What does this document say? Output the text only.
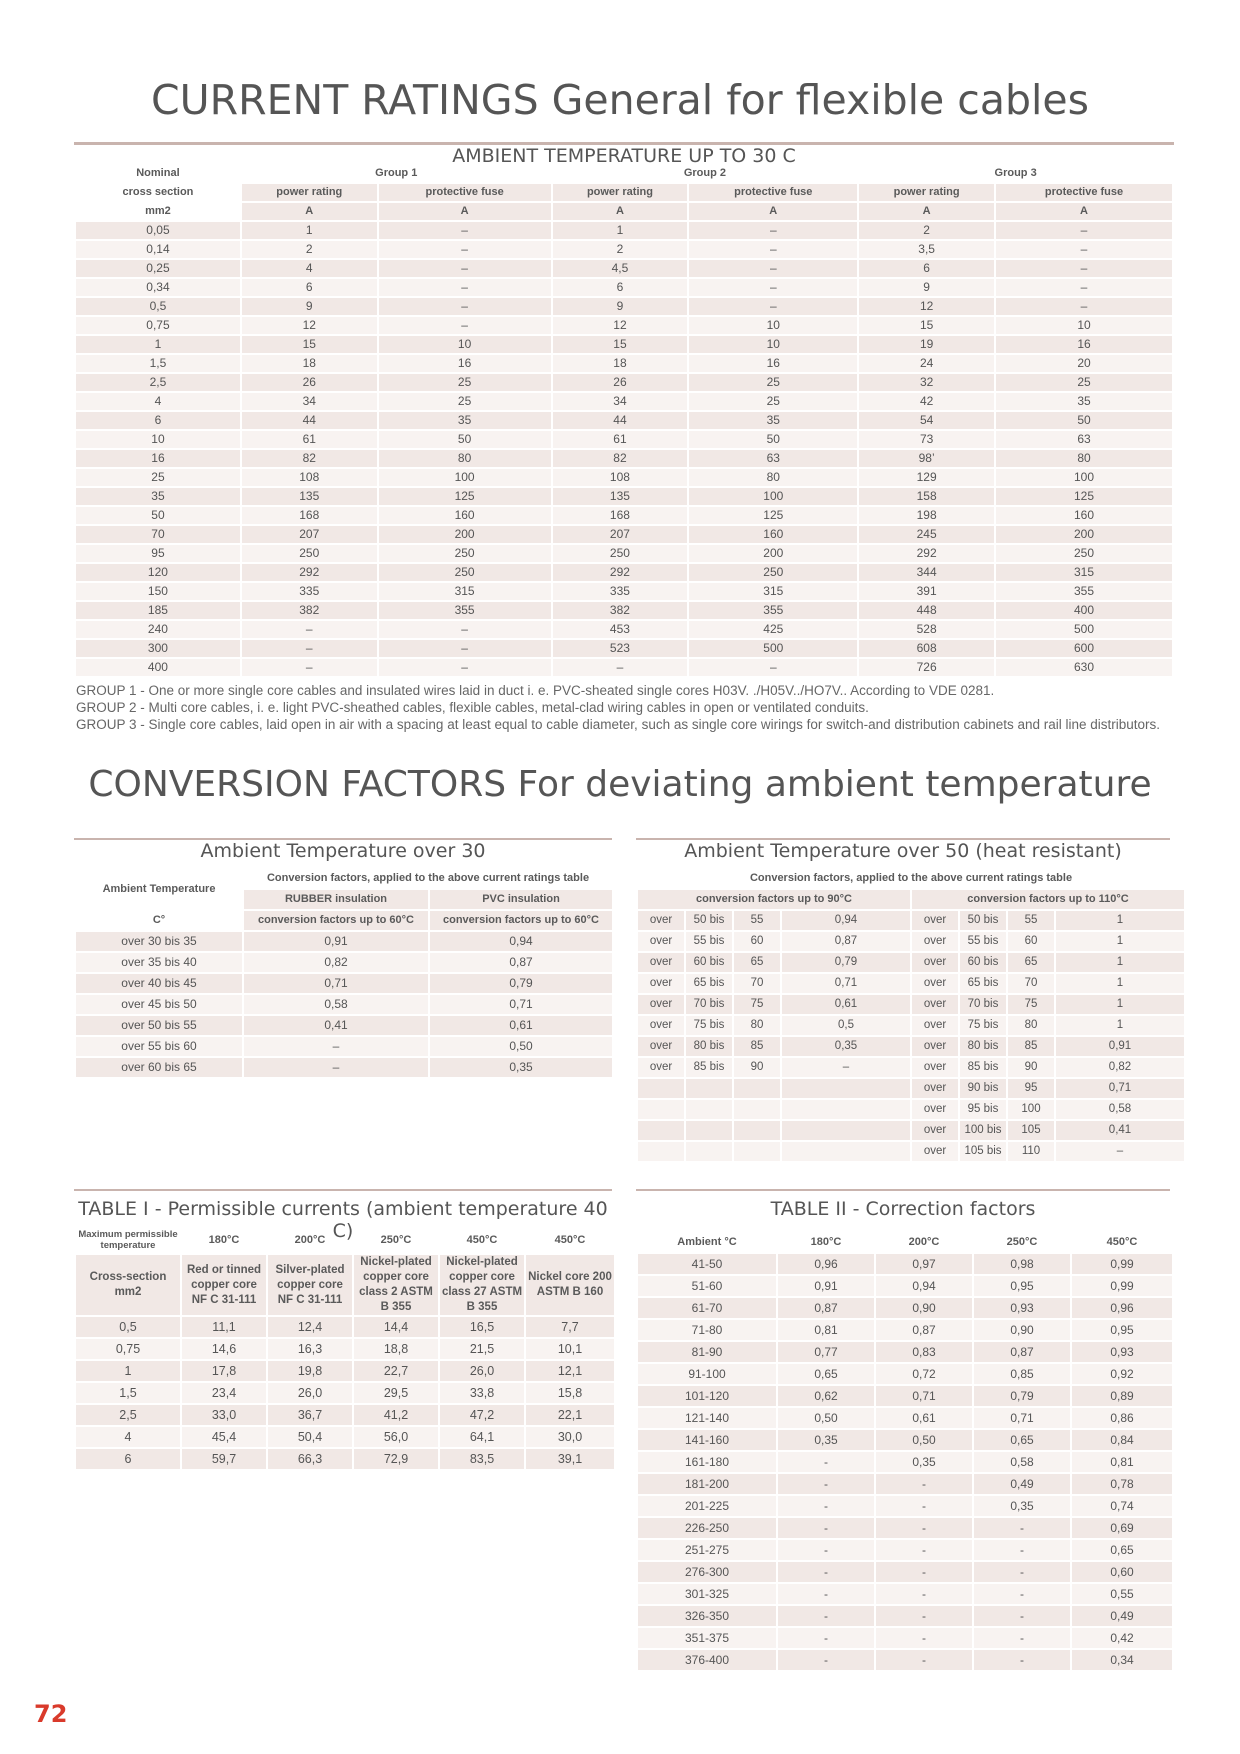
CURRENT RATINGS General for flexible cables
AMBIENT TEMPERATURE UP TO 30 C
Nominal	Group 1		Group 2		Group 3	
cross section	power rating	protective fuse	power rating	protective fuse	power rating	protective fuse
mm2	A	A	A	A	A	A
0,05	1	–	1	–	2	–
0,14	2	–	2	–	3,5	–
0,25	4	–	4,5	–	6	–
0,34	6	–	6	–	9	–
0,5	9	–	9	–	12	–
0,75	12	–	12	10	15	10
1	15	10	15	10	19	16
1,5	18	16	18	16	24	20
2,5	26	25	26	25	32	25
4	34	25	34	25	42	35
6	44	35	44	35	54	50
10	61	50	61	50	73	63
16	82	80	82	63	98’	80
25	108	100	108	80	129	100
35	135	125	135	100	158	125
50	168	160	168	125	198	160
70	207	200	207	160	245	200
95	250	250	250	200	292	250
120	292	250	292	250	344	315
150	335	315	335	315	391	355
185	382	355	382	355	448	400
240	–	–	453	425	528	500
300	–	–	523	500	608	600
400	–	–	–	–	726	630
GROUP 1 - One or more single core cables and insulated wires laid in duct i. e. PVC-sheated single cores H03V. ./H05V../HO7V.. According to VDE 0281.
GROUP 2 - Multi core cables, i. e. light PVC-sheathed cables, flexible cables, metal-clad wiring cables in open or ventilated conduits.
GROUP 3 - Single core cables, laid open in air with a spacing at least equal to cable diameter, such as single core wirings for switch-and distribution cabinets and rail line distributors.
CONVERSION FACTORS For deviating ambient temperature
Ambient Temperature over 30
Ambient Temperature	Conversion factors, applied to the above current ratings table	
	RUBBER insulation	PVC insulation
C°	conversion factors up to 60°C	conversion factors up to 60°C
over 30 bis 35	0,91	0,94
over 35 bis 40	0,82	0,87
over 40 bis 45	0,71	0,79
over 45 bis 50	0,58	0,71
over 50 bis 55	0,41	0,61
over 55 bis 60	–	0,50
over 60 bis 65	–	0,35
Ambient Temperature over 50 (heat resistant)
Conversion factors, applied to the above current ratings table							
conversion factors up to 90°C				conversion factors up to 110°C			
over	50 bis	55	0,94	over	50 bis	55	1
over	55 bis	60	0,87	over	55 bis	60	1
over	60 bis	65	0,79	over	60 bis	65	1
over	65 bis	70	0,71	over	65 bis	70	1
over	70 bis	75	0,61	over	70 bis	75	1
over	75 bis	80	0,5	over	75 bis	80	1
over	80 bis	85	0,35	over	80 bis	85	0,91
over	85 bis	90	–	over	85 bis	90	0,82
				over	90 bis	95	0,71
				over	95 bis	100	0,58
				over	100 bis	105	0,41
				over	105 bis	110	–
TABLE I - Permissible currents (ambient temperature 40 C)
Maximum permissible temperature	180°C	200°C	250°C	450°C	450°C
Cross-section mm2	Red or tinned copper core NF C 31-111	Silver-plated copper core NF C 31-111	Nickel-plated copper core class 2 ASTM B 355	Nickel-plated copper core class 27 ASTM B 355	Nickel core 200 ASTM B 160
0,5	11,1	12,4	14,4	16,5	7,7
0,75	14,6	16,3	18,8	21,5	10,1
1	17,8	19,8	22,7	26,0	12,1
1,5	23,4	26,0	29,5	33,8	15,8
2,5	33,0	36,7	41,2	47,2	22,1
4	45,4	50,4	56,0	64,1	30,0
6	59,7	66,3	72,9	83,5	39,1
TABLE II - Correction factors
Ambient °C	180°C	200°C	250°C	450°C
41-50	0,96	0,97	0,98	0,99
51-60	0,91	0,94	0,95	0,99
61-70	0,87	0,90	0,93	0,96
71-80	0,81	0,87	0,90	0,95
81-90	0,77	0,83	0,87	0,93
91-100	0,65	0,72	0,85	0,92
101-120	0,62	0,71	0,79	0,89
121-140	0,50	0,61	0,71	0,86
141-160	0,35	0,50	0,65	0,84
161-180	-	0,35	0,58	0,81
181-200	-	-	0,49	0,78
201-225	-	-	0,35	0,74
226-250	-	-	-	0,69
251-275	-	-	-	0,65
276-300	-	-	-	0,60
301-325	-	-	-	0,55
326-350	-	-	-	0,49
351-375	-	-	-	0,42
376-400	-	-	-	0,34
72
